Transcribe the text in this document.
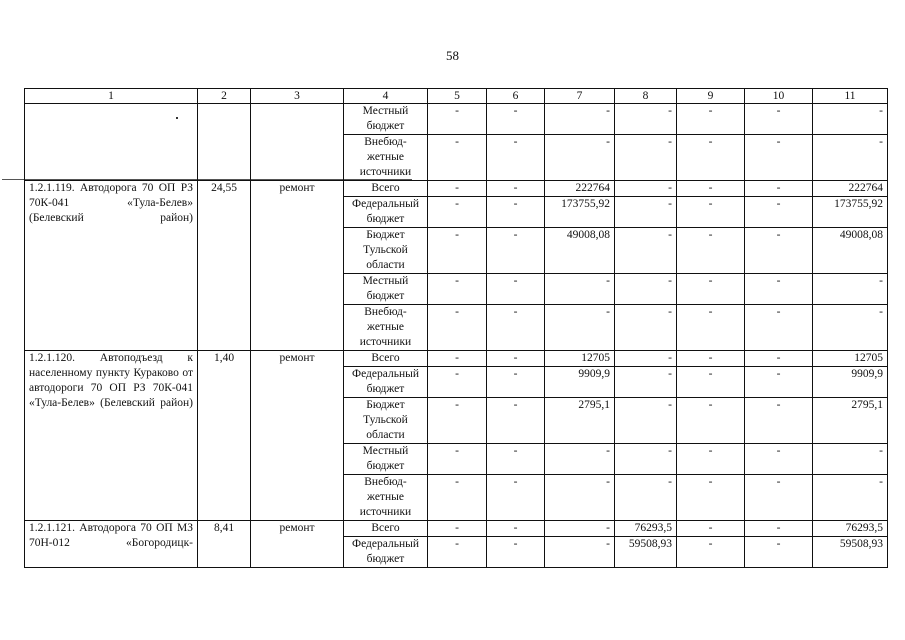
58
1	2	3	4	5	6	7	8	9	10	11
			Местный бюджет	-	-	-	-	-	-	-
			Внебюд-жетные источники	-	-	-	-	-	-	-
1.2.1.119. Автодорога 70 ОП РЗ 70К-041 «Тула-Белев» (Белевский район)	24,55	ремонт	Всего	-	-	222764	-	-	-	222764
			Федеральный бюджет	-	-	173755,92	-	-	-	173755,92
			Бюджет Тульской области	-	-	49008,08	-	-	-	49008,08
			Местный бюджет	-	-	-	-	-	-	-
			Внебюд-жетные источники	-	-	-	-	-	-	-
1.2.1.120. Автоподъезд к населенному пункту Кураково от автодороги 70 ОП РЗ 70К-041 «Тула-Белев» (Белевский район)	1,40	ремонт	Всего	-	-	12705	-	-	-	12705
			Федеральный бюджет	-	-	9909,9	-	-	-	9909,9
			Бюджет Тульской области	-	-	2795,1	-	-	-	2795,1
			Местный бюджет	-	-	-	-	-	-	-
			Внебюд-жетные источники	-	-	-	-	-	-	-
1.2.1.121. Автодорога 70 ОП МЗ 70Н-012 «Богородицк-	8,41	ремонт	Всего	-	-	-	76293,5	-	-	76293,5
			Федеральный бюджет	-	-	-	59508,93	-	-	59508,93
